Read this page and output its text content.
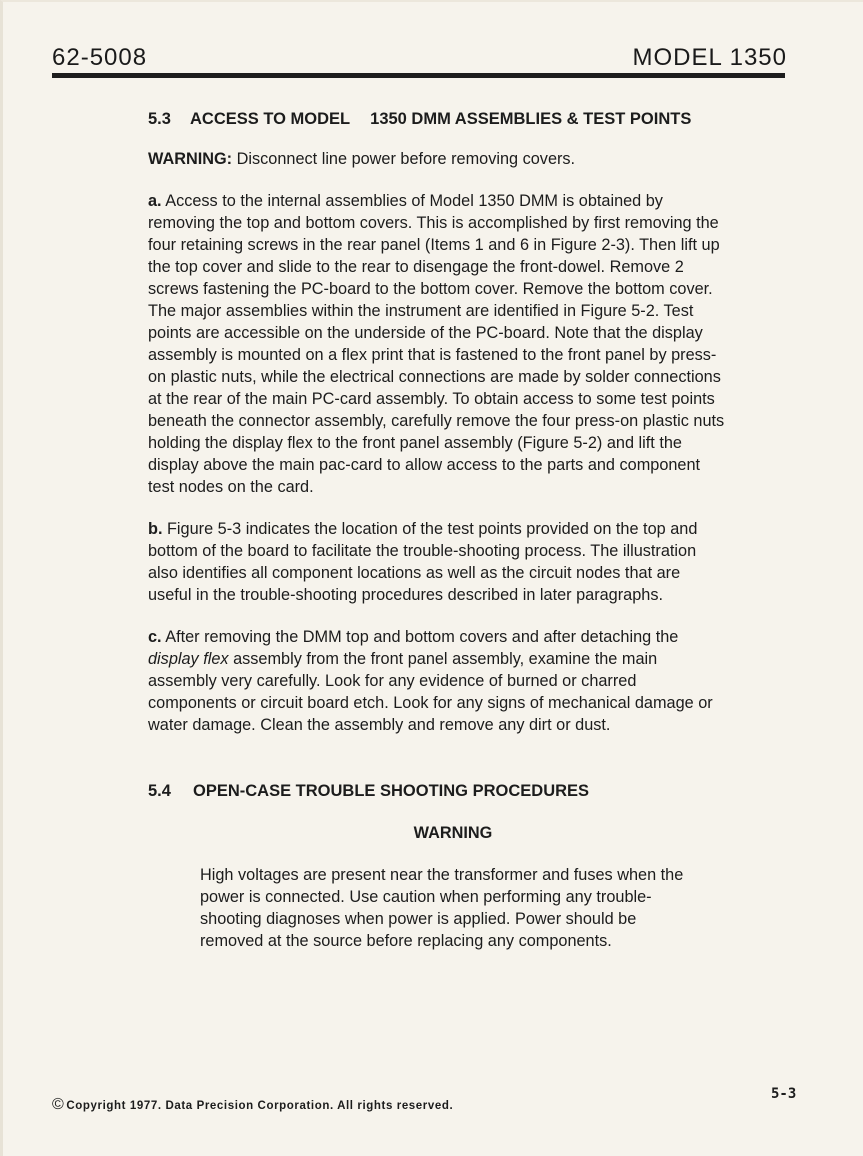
62-5008	MODEL 1350
5.3	ACCESS TO MODEL 1350 DMM ASSEMBLIES & TEST POINTS

WARNING: Disconnect line power before removing covers.

a. Access to the internal assemblies of Model 1350 DMM is obtained by removing the top and bottom covers. This is accomplished by first removing the four retaining screws in the rear panel (Items 1 and 6 in Figure 2-3). Then lift up the top cover and slide to the rear to disengage the front-dowel. Remove 2 screws fastening the PC-board to the bottom cover. Remove the bottom cover. The major assemblies within the instrument are identified in Figure 5-2. Test points are accessible on the underside of the PC-board. Note that the display assembly is mounted on a flex print that is fastened to the front panel by press-on plastic nuts, while the electrical connections are made by solder connections at the rear of the main PC-card assembly. To obtain access to some test points beneath the connector assembly, carefully remove the four press-on plastic nuts holding the display flex to the front panel assembly (Figure 5-2) and lift the display above the main pac-card to allow access to the parts and component test nodes on the card.

b. Figure 5-3 indicates the location of the test points provided on the top and bottom of the board to facilitate the trouble-shooting process. The illustration also identifies all component locations as well as the circuit nodes that are useful in the trouble-shooting procedures described in later paragraphs.

c. After removing the DMM top and bottom covers and after detaching the display flex assembly from the front panel assembly, examine the main assembly very carefully. Look for any evidence of burned or charred components or circuit board etch. Look for any signs of mechanical damage or water damage. Clean the assembly and remove any dirt or dust.

5.4	OPEN-CASE TROUBLE SHOOTING PROCEDURES
WARNING

High voltages are present near the transformer and fuses when the power is connected. Use caution when performing any trouble-shooting diagnoses when power is applied. Power should be removed at the source before replacing any components.

© Copyright 1977. Data Precision Corporation. All rights reserved.
5-3
